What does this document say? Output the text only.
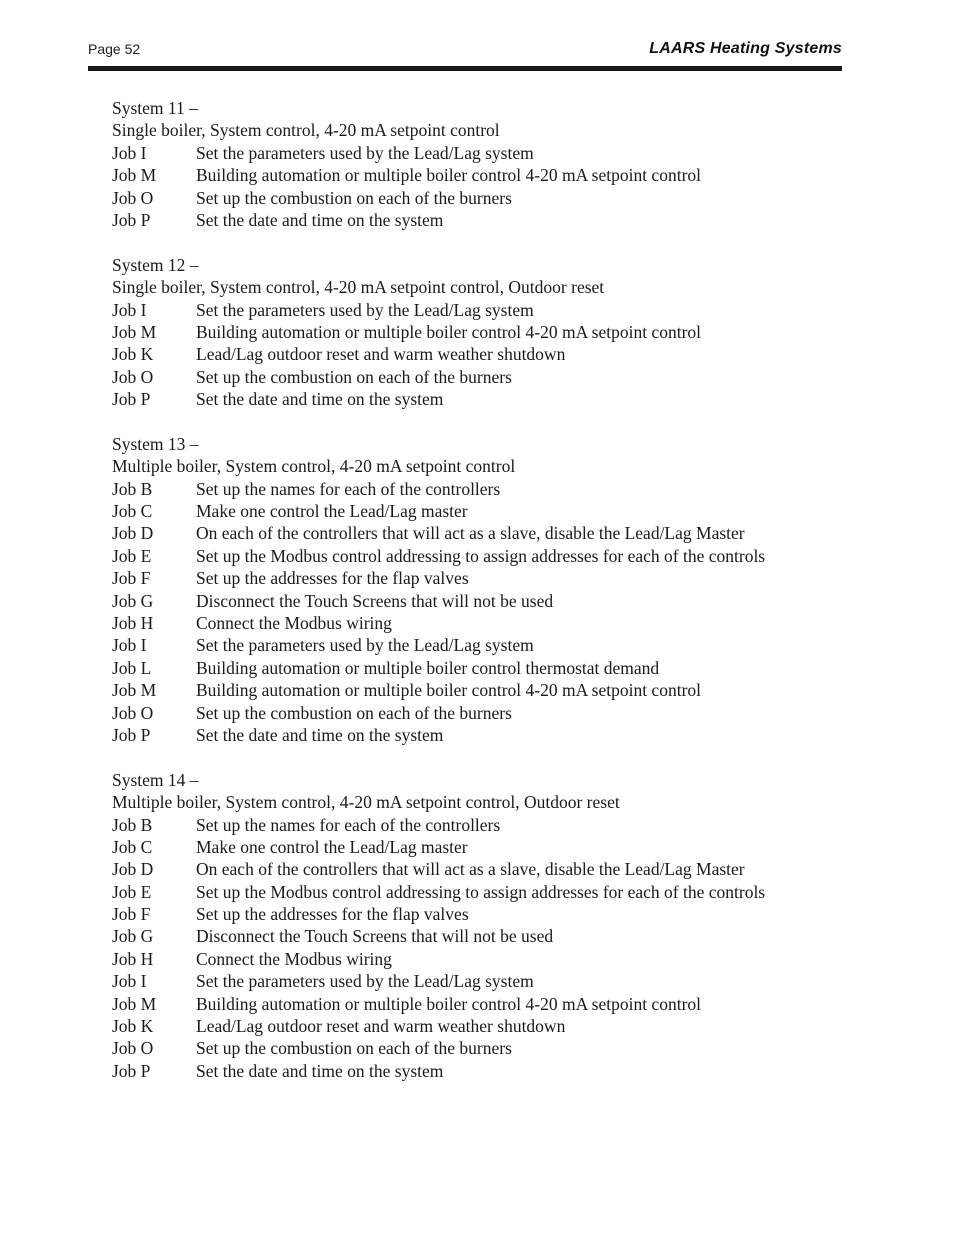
Page 52	LAARS Heating Systems
System 11 –
Single boiler, System control, 4-20 mA setpoint control
Job I	Set the parameters used by the Lead/Lag system
Job M	Building automation or multiple boiler control 4-20 mA setpoint control
Job O	Set up the combustion on each of the burners
Job P	Set the date and time on the system
System 12 –
Single boiler, System control, 4-20 mA setpoint control, Outdoor reset
Job I	Set the parameters used by the Lead/Lag system
Job M	Building automation or multiple boiler control 4-20 mA setpoint control
Job K	Lead/Lag outdoor reset and warm weather shutdown
Job O	Set up the combustion on each of the burners
Job P	Set the date and time on the system
System 13 –
Multiple boiler, System control, 4-20 mA setpoint control
Job B	Set up the names for each of the controllers
Job C	Make one control the Lead/Lag master
Job D	On each of the controllers that will act as a slave, disable the Lead/Lag Master
Job E	Set up the Modbus control addressing to assign addresses for each of the controls
Job F	Set up the addresses for the flap valves
Job G	Disconnect the Touch Screens that will not be used
Job H	Connect the Modbus wiring
Job I	Set the parameters used by the Lead/Lag system
Job L	Building automation or multiple boiler control thermostat demand
Job M	Building automation or multiple boiler control 4-20 mA setpoint control
Job O	Set up the combustion on each of the burners
Job P	Set the date and time on the system
System 14 –
Multiple boiler, System control, 4-20 mA setpoint control, Outdoor reset
Job B	Set up the names for each of the controllers
Job C	Make one control the Lead/Lag master
Job D	On each of the controllers that will act as a slave, disable the Lead/Lag Master
Job E	Set up the Modbus control addressing to assign addresses for each of the controls
Job F	Set up the addresses for the flap valves
Job G	Disconnect the Touch Screens that will not be used
Job H	Connect the Modbus wiring
Job I	Set the parameters used by the Lead/Lag system
Job M	Building automation or multiple boiler control 4-20 mA setpoint control
Job K	Lead/Lag outdoor reset and warm weather shutdown
Job O	Set up the combustion on each of the burners
Job P	Set the date and time on the system
